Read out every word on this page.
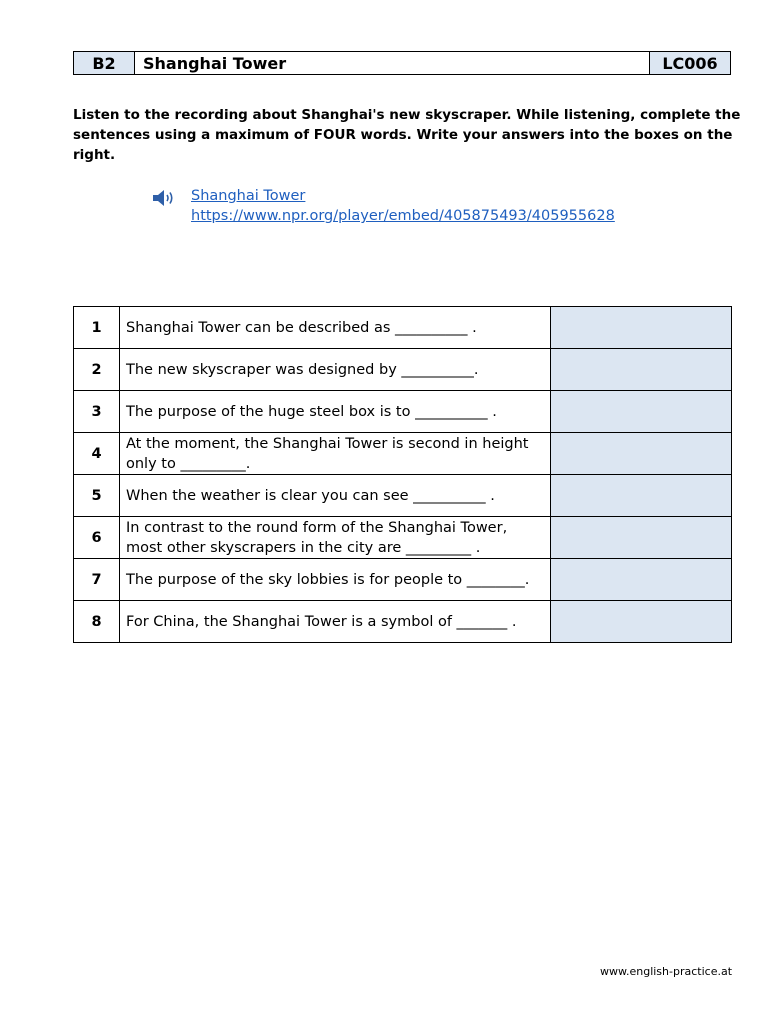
B2	Shanghai Tower	LC006
Listen to the recording about Shanghai's new skyscraper. While listening, complete the sentences using a maximum of FOUR words. Write your answers into the boxes on the right.
Shanghai Tower
https://www.npr.org/player/embed/405875493/405955628
1	Shanghai Tower can be described as __________ .	
2	The new skyscraper was designed by __________.	
3	The purpose of the huge steel box is to __________ .	
4	At the moment, the Shanghai Tower is second in height only to _________.	
5	When the weather is clear you can see __________ .	
6	In contrast to the round form of the Shanghai Tower, most other skyscrapers in the city are _________ .	
7	The purpose of the sky lobbies is for people to ________.	
8	For China, the Shanghai Tower is a symbol of _______ .	
www.english-practice.at
